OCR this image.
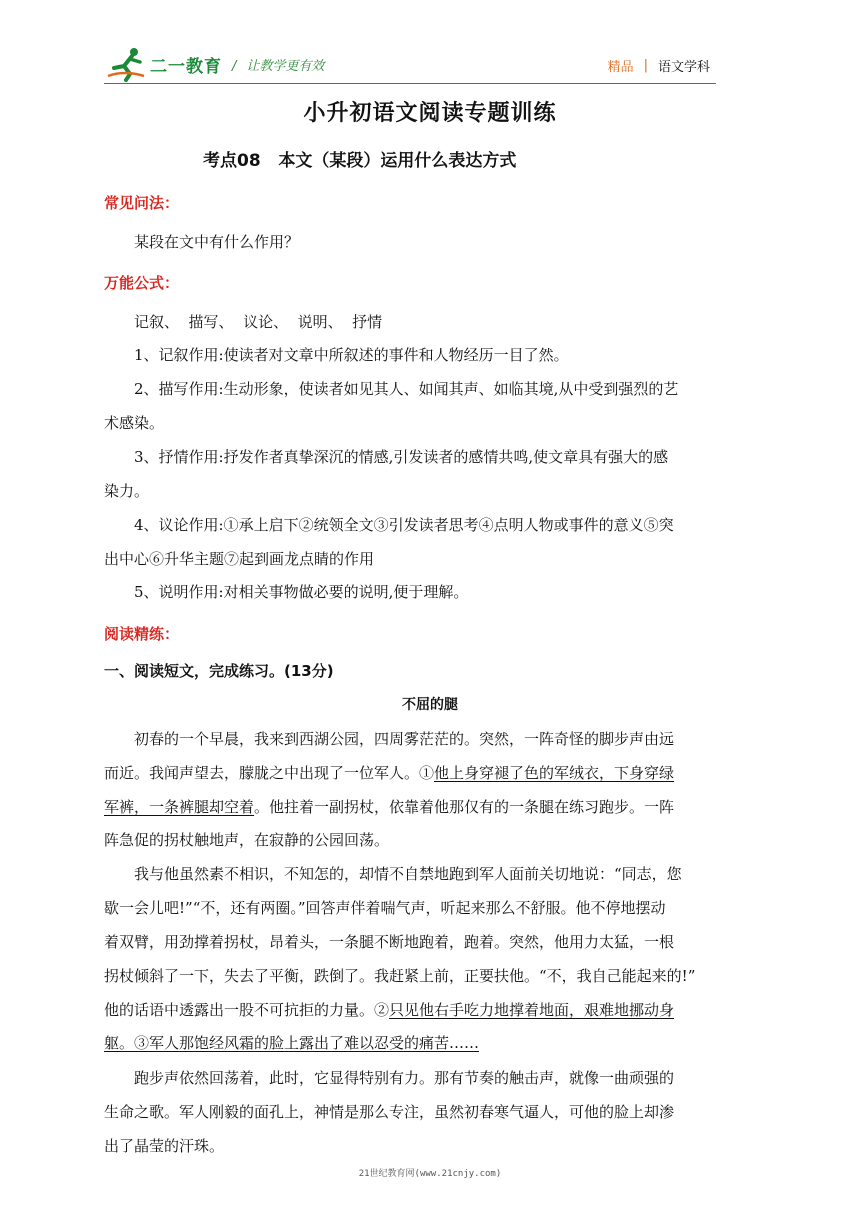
二一教育 / 让教学更有效	精品 | 语文学科
小升初语文阅读专题训练
考点08   本文（某段）运用什么表达方式
常见问法：
某段在文中有什么作用？
万能公式：
记叙、  描写、  议论、  说明、  抒情
1、记叙作用:使读者对文章中所叙述的事件和人物经历一目了然。
2、描写作用:生动形象，使读者如见其人、如闻其声、如临其境,从中受到强烈的艺
术感染。
3、抒情作用:抒发作者真挚深沉的情感,引发读者的感情共鸣,使文章具有强大的感
染力。
4、议论作用:①承上启下②统领全文③引发读者思考④点明人物或事件的意义⑤突
出中心⑥升华主题⑦起到画龙点睛的作用
5、说明作用:对相关事物做必要的说明,便于理解。
阅读精练：
一、阅读短文，完成练习。(13分)
不屈的腿
初春的一个早晨，我来到西湖公园，四周雾茫茫的。突然，一阵奇怪的脚步声由远
而近。我闻声望去，朦胧之中出现了一位军人。①他上身穿褪了色的军绒衣，下身穿绿
军裤，一条裤腿却空着。他拄着一副拐杖，依靠着他那仅有的一条腿在练习跑步。一阵
阵急促的拐杖触地声，在寂静的公园回荡。
我与他虽然素不相识，不知怎的，却情不自禁地跑到军人面前关切地说：“同志，您
歇一会儿吧!”“不，还有两圈。”回答声伴着喘气声，听起来那么不舒服。他不停地摆动
着双臂，用劲撑着拐杖，昂着头，一条腿不断地跑着，跑着。突然，他用力太猛，一根
拐杖倾斜了一下，失去了平衡，跌倒了。我赶紧上前，正要扶他。“不，我自己能起来的!”
他的话语中透露出一股不可抗拒的力量。②只见他右手吃力地撑着地面，艰难地挪动身
躯。③军人那饱经风霜的脸上露出了难以忍受的痛苦……
跑步声依然回荡着，此时，它显得特别有力。那有节奏的触击声，就像一曲顽强的
生命之歌。军人刚毅的面孔上，神情是那么专注，虽然初春寒气逼人，可他的脸上却渗
出了晶莹的汗珠。
21世纪教育网(www.21cnjy.com)
